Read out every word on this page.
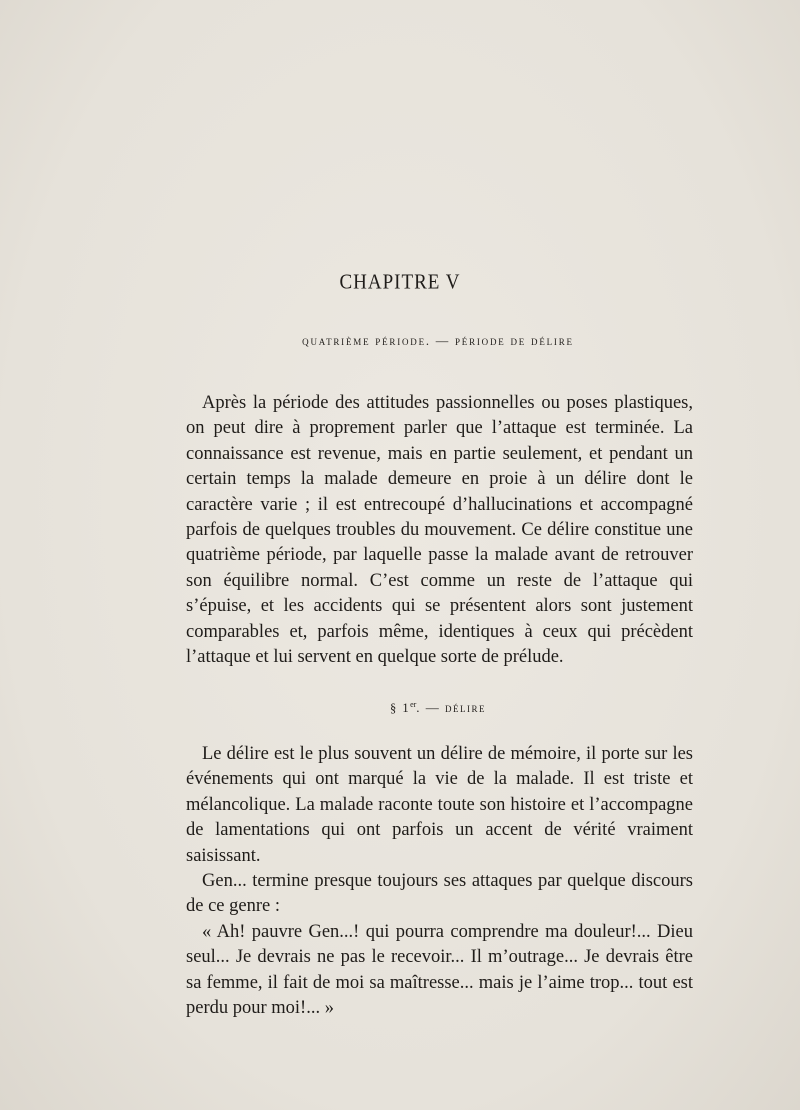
CHAPITRE V
quatrième période. — période de délire

Après la période des attitudes passionnelles ou poses plastiques, on peut dire à proprement parler que l’attaque est terminée. La connaissance est revenue, mais en partie seulement, et pendant un certain temps la malade demeure en proie à un délire dont le caractère varie ; il est entrecoupé d’hallucinations et accompagné parfois de quelques troubles du mouvement. Ce délire constitue une quatrième période, par laquelle passe la malade avant de retrouver son équilibre normal. C’est comme un reste de l’attaque qui s’épuise, et les accidents qui se présentent alors sont justement comparables et, parfois même, identiques à ceux qui précèdent l’attaque et lui servent en quelque sorte de prélude.

§ 1er. — délire

Le délire est le plus souvent un délire de mémoire, il porte sur les événements qui ont marqué la vie de la malade. Il est triste et mélancolique. La malade raconte toute son histoire et l’accompagne de lamentations qui ont parfois un accent de vérité vraiment saisissant.

Gen... termine presque toujours ses attaques par quelque discours de ce genre :

« Ah! pauvre Gen...! qui pourra comprendre ma douleur!... Dieu seul... Je devrais ne pas le recevoir... Il m’outrage... Je devrais être sa femme, il fait de moi sa maîtresse... mais je l’aime trop... tout est perdu pour moi!... »
